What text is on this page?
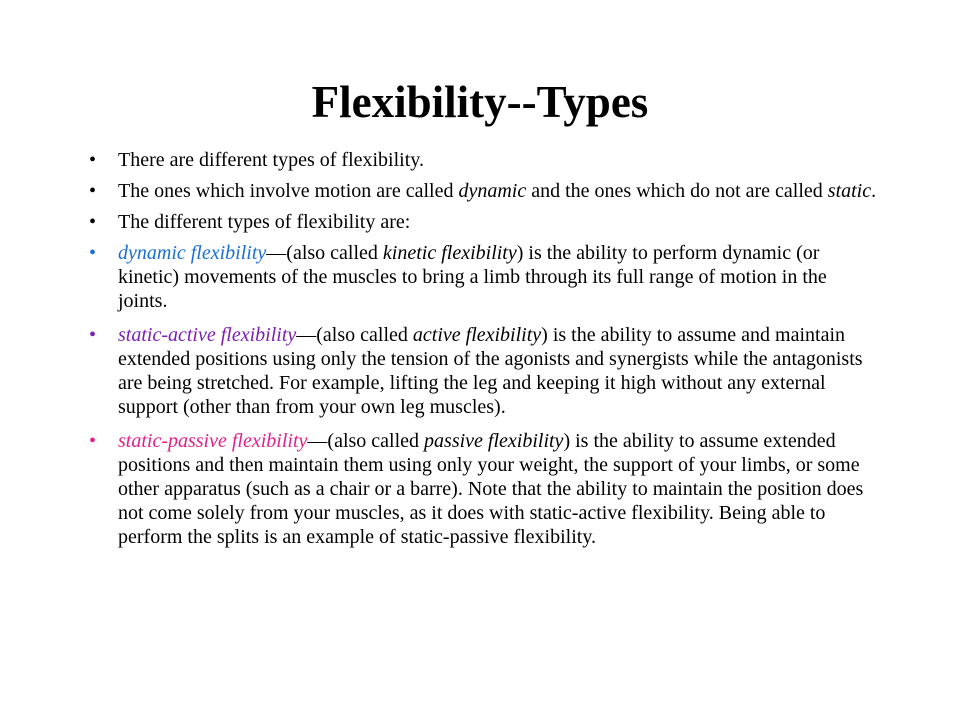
Flexibility--Types
• There are different types of flexibility.
• The ones which involve motion are called dynamic and the ones which do not are called static.
• The different types of flexibility are:
• dynamic flexibility—(also called kinetic flexibility) is the ability to perform dynamic (or kinetic) movements of the muscles to bring a limb through its full range of motion in the joints.
• static-active flexibility—(also called active flexibility) is the ability to assume and maintain extended positions using only the tension of the agonists and synergists while the antagonists are being stretched. For example, lifting the leg and keeping it high without any external support (other than from your own leg muscles).
• static-passive flexibility—(also called passive flexibility) is the ability to assume extended positions and then maintain them using only your weight, the support of your limbs, or some other apparatus (such as a chair or a barre). Note that the ability to maintain the position does not come solely from your muscles, as it does with static-active flexibility. Being able to perform the splits is an example of static-passive flexibility.
